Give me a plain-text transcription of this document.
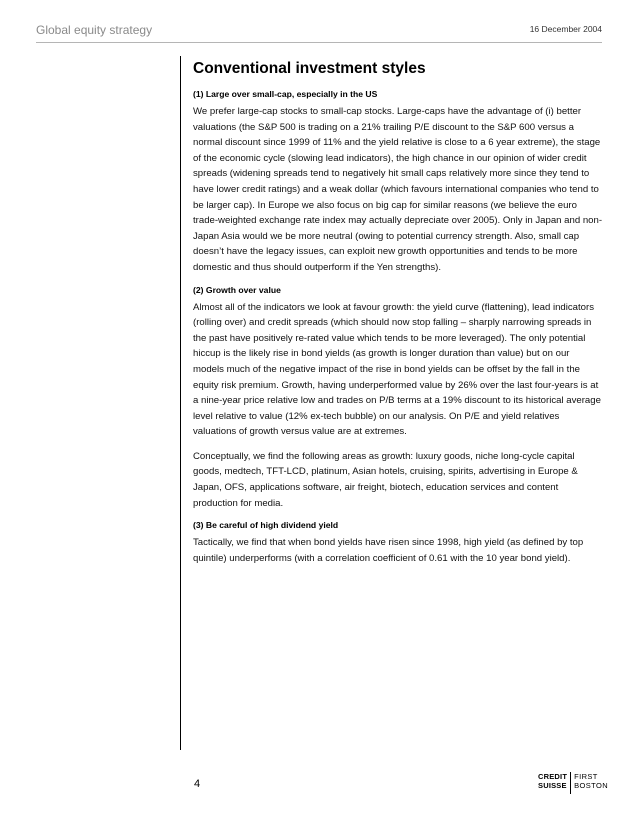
Global equity strategy	16 December 2004
Conventional investment styles
(1) Large over small-cap, especially in the US

We prefer large-cap stocks to small-cap stocks. Large-caps have the advantage of (i) better valuations (the S&P 500 is trading on a 21% trailing P/E discount to the S&P 600 versus a normal discount since 1999 of 11% and the yield relative is close to a 6 year extreme), the stage of the economic cycle (slowing lead indicators), the high chance in our opinion of wider credit spreads (widening spreads tend to negatively hit small caps relatively more since they tend to have lower credit ratings) and a weak dollar (which favours international companies who tend to be larger cap). In Europe we also focus on big cap for similar reasons (we believe the euro trade-weighted exchange rate index may actually depreciate over 2005). Only in Japan and non-Japan Asia would we be more neutral (owing to potential currency strength. Also, small cap doesn’t have the legacy issues, can exploit new growth opportunities and tends to be more domestic and thus should outperform if the Yen strengths).

(2) Growth over value

Almost all of the indicators we look at favour growth: the yield curve (flattening), lead indicators (rolling over) and credit spreads (which should now stop falling – sharply narrowing spreads in the past have positively re-rated value which tends to be more leveraged). The only potential hiccup is the likely rise in bond yields (as growth is longer duration than value) but on our models much of the negative impact of the rise in bond yields can be offset by the fall in the equity risk premium. Growth, having underperformed value by 26% over the last four-years is at a nine-year price relative low and trades on P/B terms at a 19% discount to its historical average level relative to value (12% ex-tech bubble) on our analysis. On P/E and yield relatives valuations of growth versus value are at extremes.

Conceptually, we find the following areas as growth: luxury goods, niche long-cycle capital goods, medtech, TFT-LCD, platinum, Asian hotels, cruising, spirits, advertising in Europe & Japan, OFS, applications software, air freight, biotech, education services and content production for media.

(3) Be careful of high dividend yield

Tactically, we find that when bond yields have risen since 1998, high yield (as defined by top quintile) underperforms (with a correlation coefficient of 0.61 with the 10 year bond yield).

4
CREDIT
SUISSE
FIRST
BOSTON
